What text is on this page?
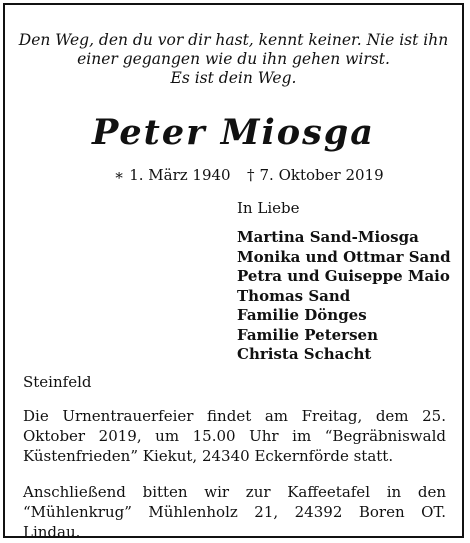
Den Weg, den du vor dir hast, kennt keiner. Nie ist ihn
einer gegangen wie du ihn gehen wirst.
Es ist dein Weg.
Peter Miosga
∗ 1. März 1940 † 7. Oktober 2019
In Liebe
Martina Sand-Miosga
Monika und Ottmar Sand
Petra und Guiseppe Maio
Thomas Sand
Familie Dönges
Familie Petersen
Christa Schacht
Steinfeld
Die Urnentrauerfeier findet am Freitag, dem 25. Oktober 2019, um 15.00 Uhr im “Begräbniswald Küstenfrieden” Kiekut, 24340 Eckernförde statt.
Anschließend bitten wir zur Kaffeetafel in den “Mühlenkrug” Mühlenholz 21, 24392 Boren OT. Lindau.
